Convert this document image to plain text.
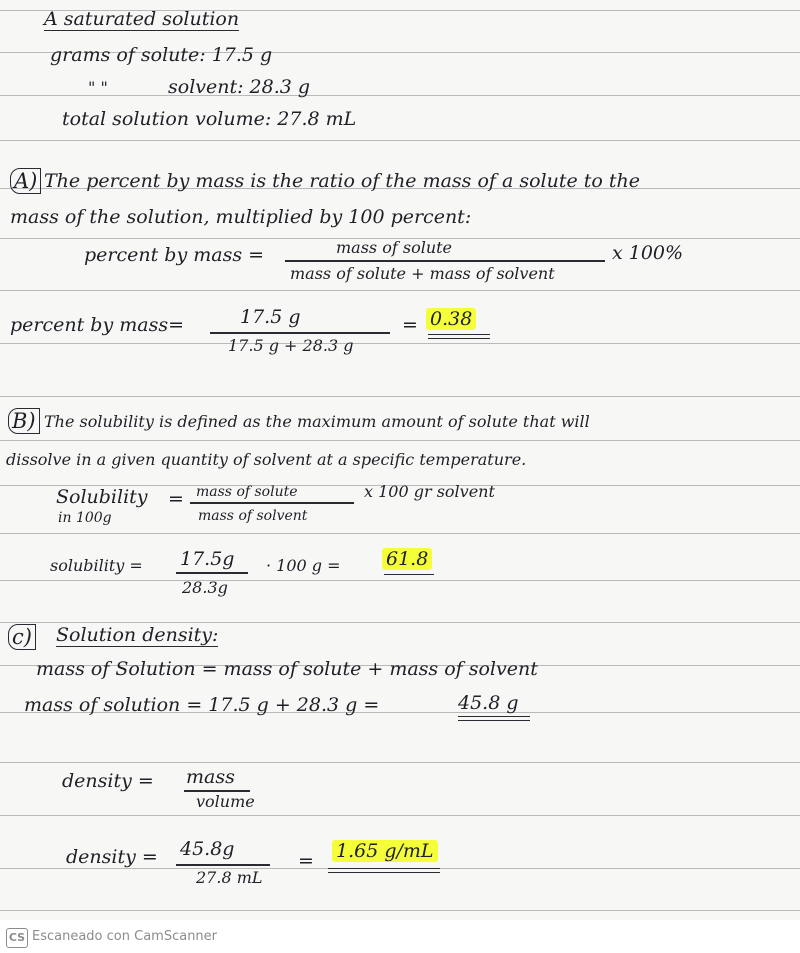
A saturated solution
grams of solute: 17.5 g
" "	solvent: 28.3 g
total solution volume: 27.8 mL
A) The percent by mass is the ratio of the mass of a solute to the
mass of the solution, multiplied by 100 percent:
percent by mass =	mass of solute
mass of solute + mass of solvent
x 100%
percent by mass=	17.5 g
17.5 g + 28.3 g
= 0.38
B) The solubility is defined as the maximum amount of solute that will
dissolve in a given quantity of solvent at a specific temperature.
Solubility
in 100g
= mass of solute
mass of solvent
x 100 gr solvent
solubility = 17.5g
28.3g
· 100 g = 61.8
c) Solution density:
mass of Solution = mass of solute + mass of solvent
mass of solution = 17.5 g + 28.3 g =	45.8 g
density = mass
volume
density = 45.8g
27.8 mL
= 1.65 g/mL
CS Escaneado con CamScanner
